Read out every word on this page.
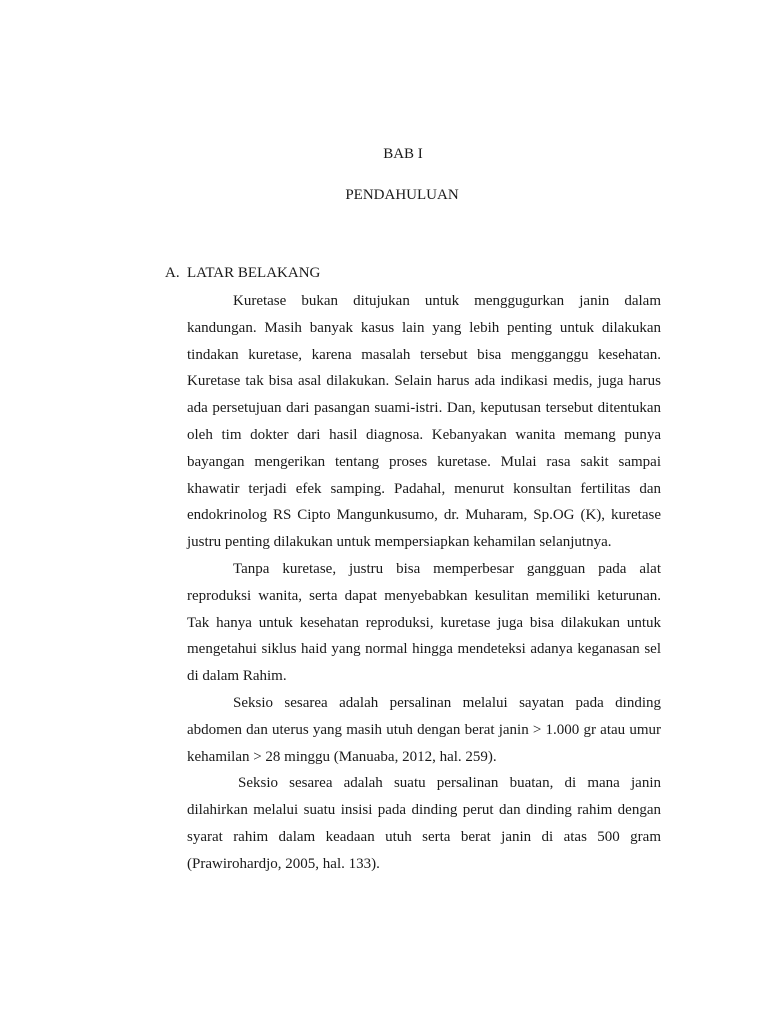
BAB I
PENDAHULUAN
A. LATAR BELAKANG

Kuretase bukan ditujukan untuk menggugurkan janin dalam kandungan. Masih banyak kasus lain yang lebih penting untuk dilakukan tindakan kuretase, karena masalah tersebut bisa mengganggu kesehatan. Kuretase tak bisa asal dilakukan. Selain harus ada indikasi medis, juga harus ada persetujuan dari pasangan suami-istri. Dan, keputusan tersebut ditentukan oleh tim dokter dari hasil diagnosa. Kebanyakan wanita memang punya bayangan mengerikan tentang proses kuretase. Mulai rasa sakit sampai khawatir terjadi efek samping. Padahal, menurut konsultan fertilitas dan endokrinolog RS Cipto Mangunkusumo, dr. Muharam, Sp.OG (K), kuretase justru penting dilakukan untuk mempersiapkan kehamilan selanjutnya.

Tanpa kuretase, justru bisa memperbesar gangguan pada alat reproduksi wanita, serta dapat menyebabkan kesulitan memiliki keturunan. Tak hanya untuk kesehatan reproduksi, kuretase juga bisa dilakukan untuk mengetahui siklus haid yang normal hingga mendeteksi adanya keganasan sel di dalam Rahim.

Seksio sesarea adalah persalinan melalui sayatan pada dinding abdomen dan uterus yang masih utuh dengan berat janin > 1.000 gr atau umur kehamilan > 28 minggu (Manuaba, 2012, hal. 259).

Seksio sesarea adalah suatu persalinan buatan, di mana janin dilahirkan melalui suatu insisi pada dinding perut dan dinding rahim dengan syarat rahim dalam keadaan utuh serta berat janin di atas 500 gram (Prawirohardjo, 2005, hal. 133).
